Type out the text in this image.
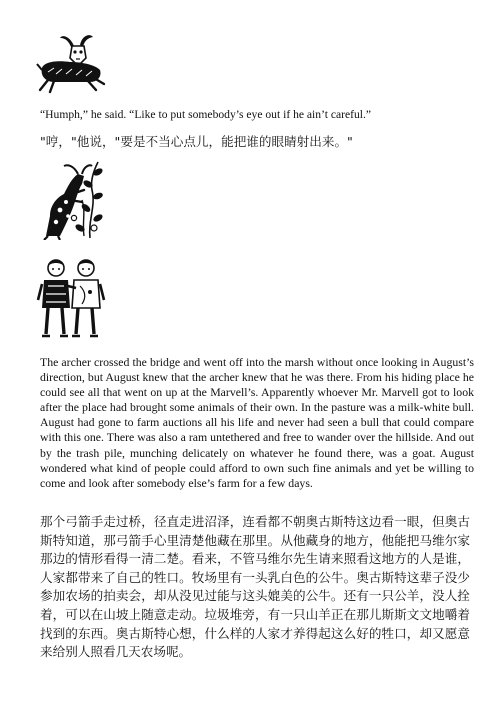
“Humph,” he said. “Like to put somebody’s eye out if he ain’t careful.”

"哼，"他说，"要是不当心点儿，能把谁的眼睛射出来。"

The archer crossed the bridge and went off into the marsh without once looking in August’s direction, but August knew that the archer knew that he was there. From his hiding place he could see all that went on up at the Marvell’s. Apparently whoever Mr. Marvell got to look after the place had brought some animals of their own. In the pasture was a milk-white bull. August had gone to farm auctions all his life and never had seen a bull that could compare with this one. There was also a ram untethered and free to wander over the hillside. And out by the trash pile, munching delicately on whatever he found there, was a goat. August wondered what kind of people could afford to own such fine animals and yet be willing to come and look after somebody else’s farm for a few days.

那个弓箭手走过桥，径直走进沼泽，连看都不朝奥古斯特这边看一眼，但奥古斯特知道，那弓箭手心里清楚他藏在那里。从他藏身的地方，他能把马维尔家那边的情形看得一清二楚。看来，不管马维尔先生请来照看这地方的人是谁，人家都带来了自己的牲口。牧场里有一头乳白色的公牛。奥古斯特这辈子没少参加农场的拍卖会，却从没见过能与这头媲美的公牛。还有一只公羊，没人拴着，可以在山坡上随意走动。垃圾堆旁，有一只山羊正在那儿斯斯文文地嚼着找到的东西。奥古斯特心想，什么样的人家才养得起这么好的牲口，却又愿意来给别人照看几天农场呢。
